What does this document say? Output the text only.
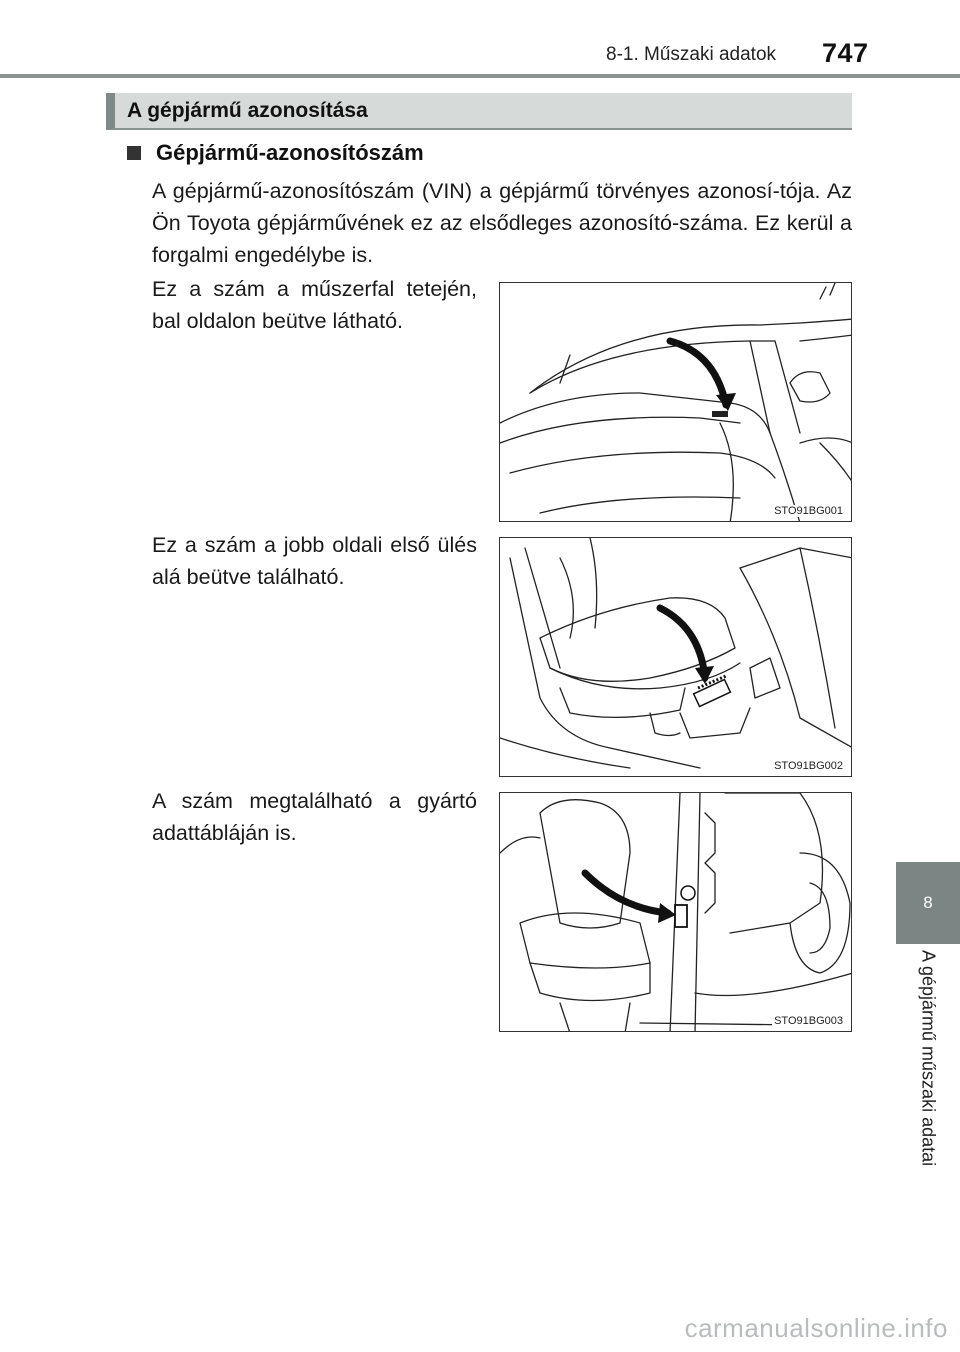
8-1. Műszaki adatok 747
A gépjármű azonosítása
Gépjármű-azonosítószám
A gépjármű-azonosítószám (VIN) a gépjármű törvényes azonosí-tója. Az Ön Toyota gépjárművének ez az elsődleges azonosító-száma. Ez kerül a forgalmi engedélybe is.
Ez a szám a műszerfal tetején, bal oldalon beütve látható.
STO91BG001
Ez a szám a jobb oldali első ülés alá beütve található.
STO91BG002
A szám megtalálható a gyártó adattábláján is.
STO91BG003
8
A gépjármű műszaki adatai
carmanualsonline.info
